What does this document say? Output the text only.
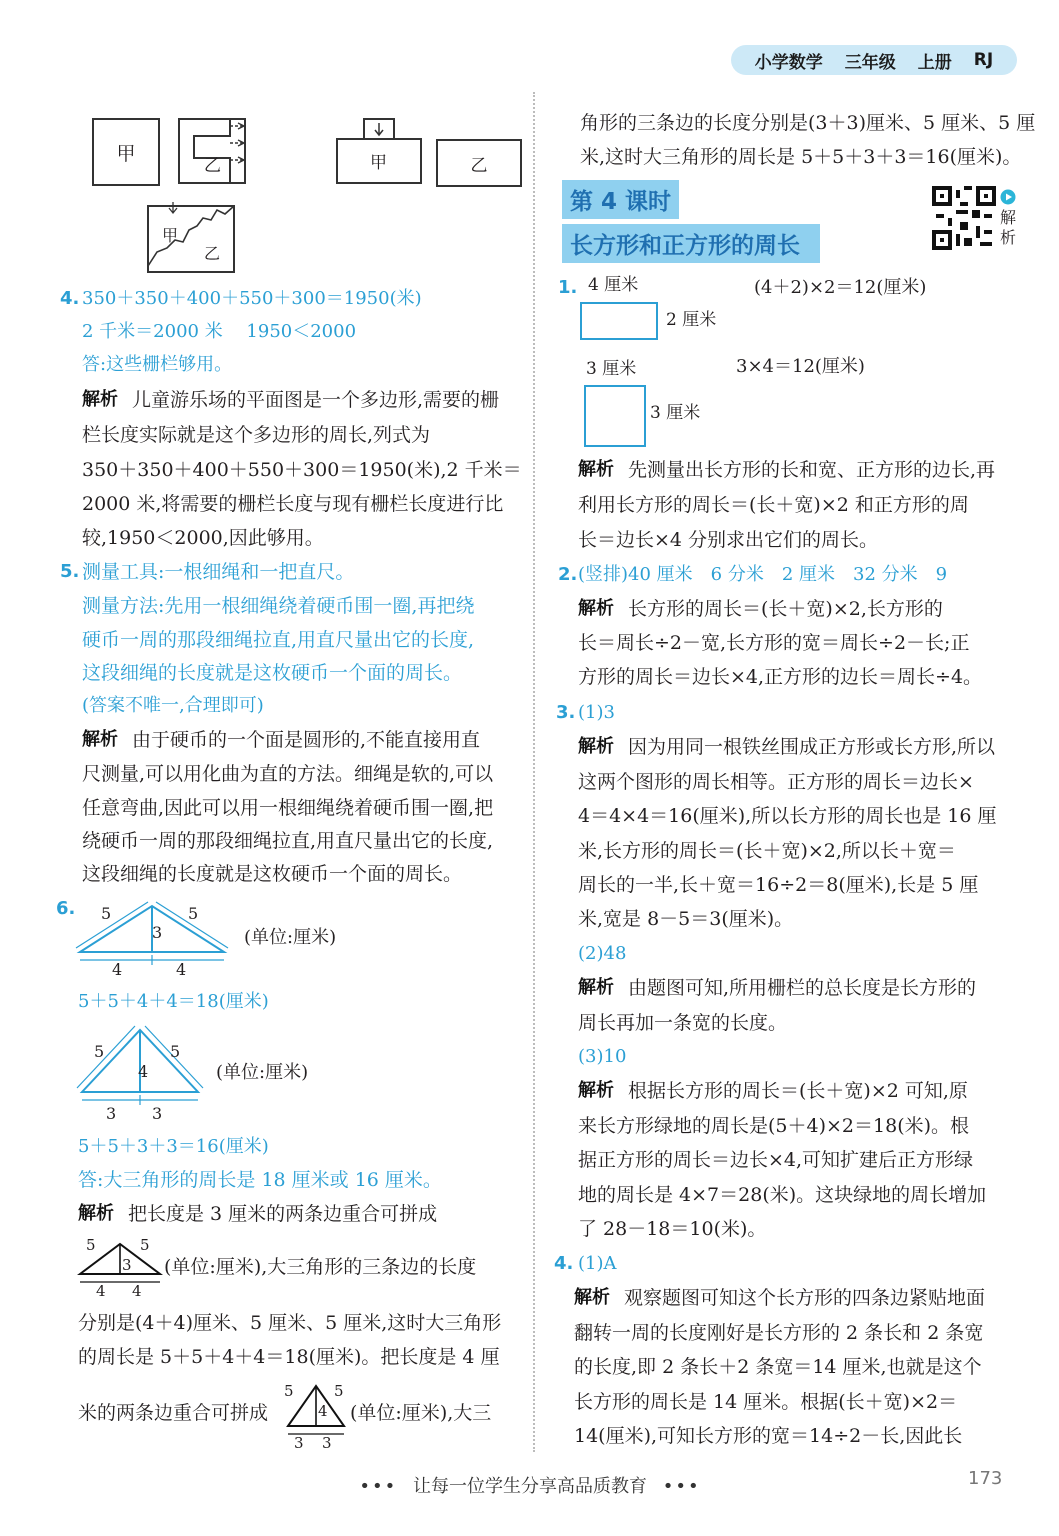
小学数学 三年级 上册 RJ
甲
乙	甲	乙
甲
乙
4. 350＋350＋400＋550＋300＝1950(米)
2 千米＝2000 米　 1950＜2000
答:这些栅栏够用。
解析 儿童游乐场的平面图是一个多边形,需要的栅
栏长度实际就是这个多边形的周长,列式为
350＋350＋400＋550＋300＝1950(米),2 千米＝
2000 米,将需要的栅栏长度与现有栅栏长度进行比
较,1950＜2000,因此够用。
5. 测量工具:一根细绳和一把直尺。
测量方法:先用一根细绳绕着硬币围一圈,再把绕
硬币一周的那段细绳拉直,用直尺量出它的长度,
这段细绳的长度就是这枚硬币一个面的周长。
(答案不唯一,合理即可)
解析 由于硬币的一个面是圆形的,不能直接用直
尺测量,可以用化曲为直的方法。细绳是软的,可以
任意弯曲,因此可以用一根细绳绕着硬币围一圈,把
绕硬币一周的那段细绳拉直,用直尺量出它的长度,
这段细绳的长度就是这枚硬币一个面的周长。
6. 5	5
3
4	4
(单位:厘米)
5＋5＋4＋4＝18(厘米)
5	5
4
3 3
(单位:厘米)
5＋5＋3＋3＝16(厘米)
答:大三角形的周长是 18 厘米或 16 厘米。
解析 把长度是 3 厘米的两条边重合可拼成
5	5
3
4 4
(单位:厘米),大三角形的三条边的长度
分别是(4＋4)厘米、5 厘米、5 厘米,这时大三角形
的周长是 5＋5＋4＋4＝18(厘米)。把长度是 4 厘
米的两条边重合可拼成
5	5
4
3 3
(单位:厘米),大三
角形的三条边的长度分别是(3＋3)厘米、5 厘米、5 厘
米,这时大三角形的周长是 5＋5＋3＋3＝16(厘米)。
第 4 课时
长方形和正方形的周长
解析
1. 4 厘米	(4＋2)×2＝12(厘米)
2 厘米
3 厘米	3×4＝12(厘米)
3 厘米
解析 先测量出长方形的长和宽、正方形的边长,再
利用长方形的周长＝(长＋宽)×2 和正方形的周
长＝边长×4 分别求出它们的周长。
2. (竖排)40 厘米　6 分米　2 厘米　32 分米　9
解析 长方形的周长＝(长＋宽)×2,长方形的
长＝周长÷2－宽,长方形的宽＝周长÷2－长;正
方形的周长＝边长×4,正方形的边长＝周长÷4。
3. (1)3
解析 因为用同一根铁丝围成正方形或长方形,所以
这两个图形的周长相等。正方形的周长＝边长×
4＝4×4＝16(厘米),所以长方形的周长也是 16 厘
米,长方形的周长＝(长＋宽)×2,所以长＋宽＝
周长的一半,长＋宽＝16÷2＝8(厘米),长是 5 厘
米,宽是 8－5＝3(厘米)。
(2)48
解析 由题图可知,所用栅栏的总长度是长方形的
周长再加一条宽的长度。
(3)10
解析 根据长方形的周长＝(长＋宽)×2 可知,原
来长方形绿地的周长是(5＋4)×2＝18(米)。根
据正方形的周长＝边长×4,可知扩建后正方形绿
地的周长是 4×7＝28(米)。这块绿地的周长增加
了 28－18＝10(米)。
4. (1)A
解析 观察题图可知这个长方形的四条边紧贴地面
翻转一周的长度刚好是长方形的 2 条长和 2 条宽
的长度,即 2 条长＋2 条宽＝14 厘米,也就是这个
长方形的周长是 14 厘米。根据(长＋宽)×2＝
14(厘米),可知长方形的宽＝14÷2－长,因此长
••• 让每一位学生分享高品质教育 •••	173
